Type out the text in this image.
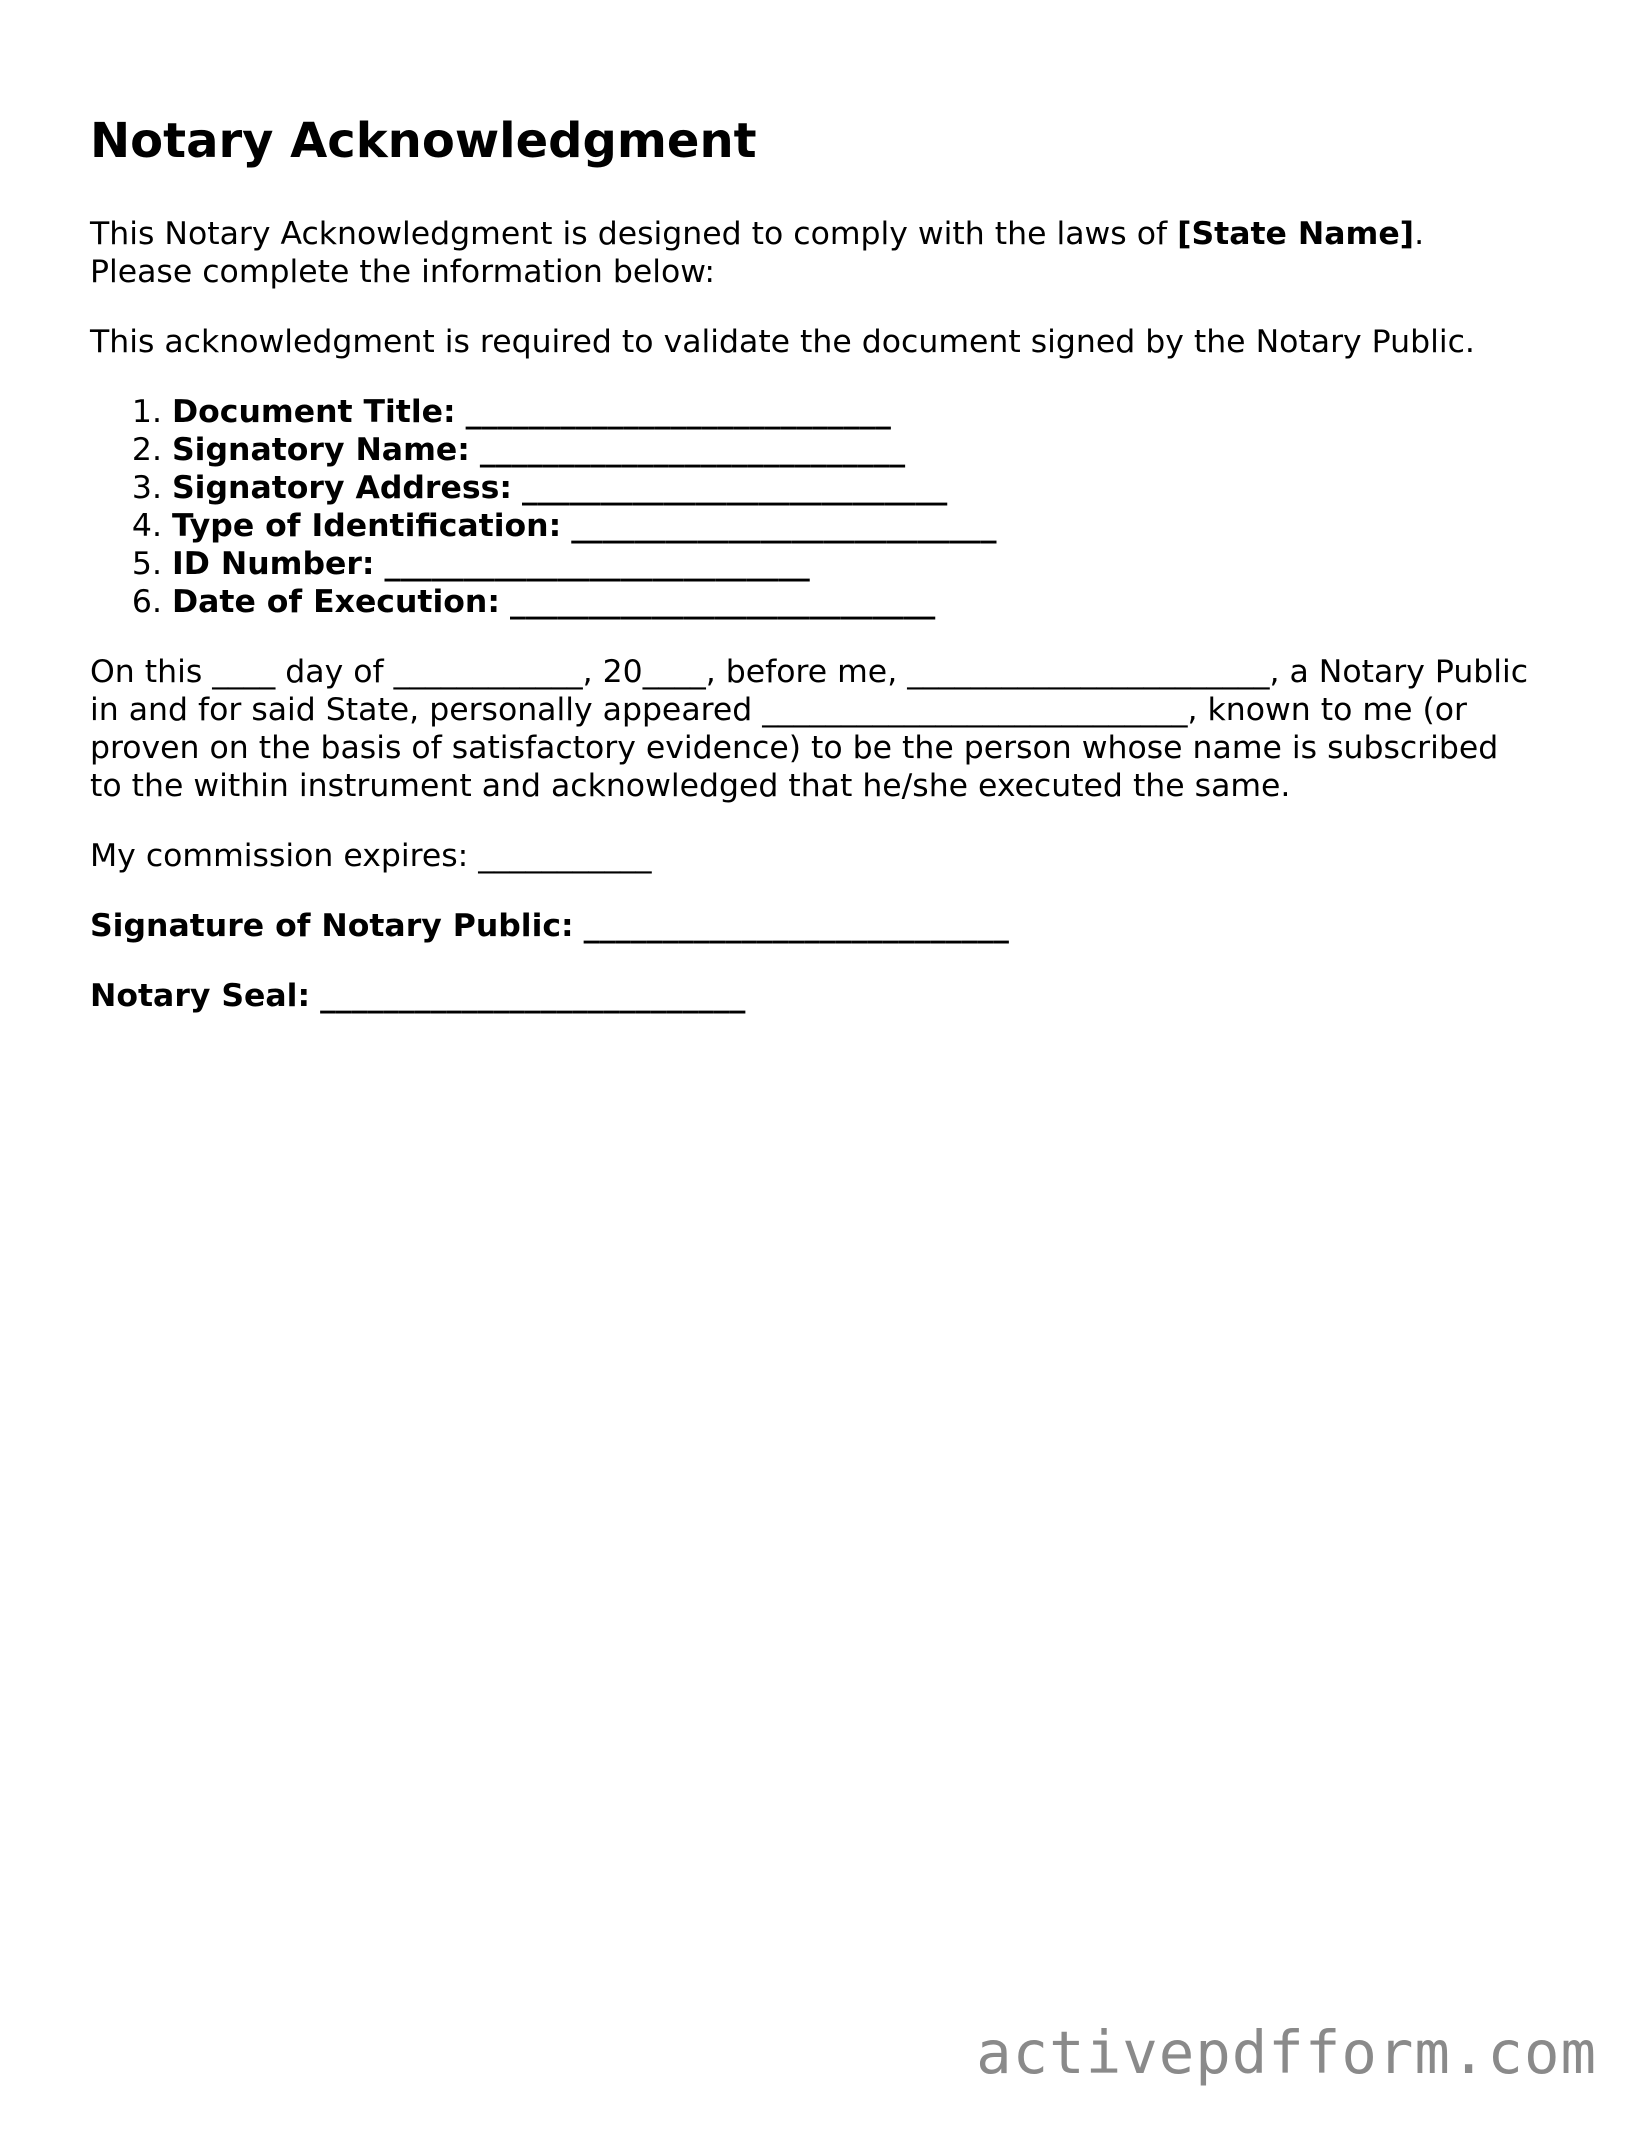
Notary Acknowledgment

This Notary Acknowledgment is designed to comply with the laws of [State Name].
Please complete the information below:

This acknowledgment is required to validate the document signed by the Notary Public.

1. Document Title: ___________________________
2. Signatory Name: ___________________________
3. Signatory Address: ___________________________
4. Type of Identification: ___________________________
5. ID Number: ___________________________
6. Date of Execution: ___________________________

On this ____ day of ____________, 20____, before me, _______________________, a Notary Public in and for said State, personally appeared ___________________________, known to me (or proven on the basis of satisfactory evidence) to be the person whose name is subscribed to the within instrument and acknowledged that he/she executed the same.

My commission expires: ___________

Signature of Notary Public: ___________________________

Notary Seal: ___________________________

activepdfform.com
